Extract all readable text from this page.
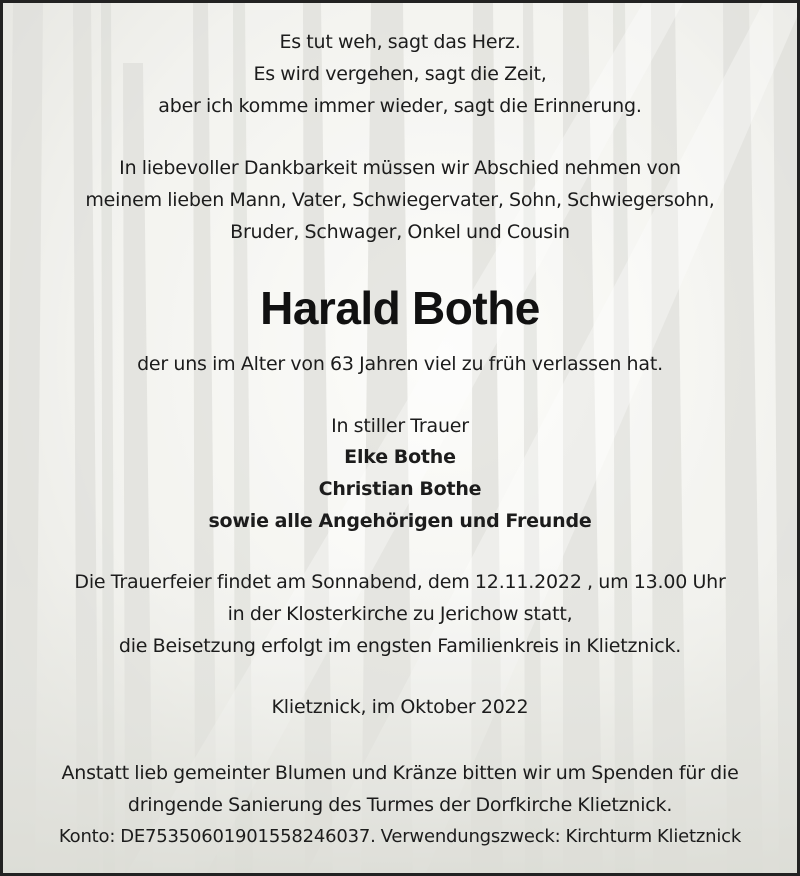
Es tut weh, sagt das Herz.
Es wird vergehen, sagt die Zeit,
aber ich komme immer wieder, sagt die Erinnerung.
In liebevoller Dankbarkeit müssen wir Abschied nehmen von
meinem lieben Mann, Vater, Schwiegervater, Sohn, Schwiegersohn,
Bruder, Schwager, Onkel und Cousin
Harald Bothe
der uns im Alter von 63 Jahren viel zu früh verlassen hat.
In stiller Trauer
Elke Bothe
Christian Bothe
sowie alle Angehörigen und Freunde
Die Trauerfeier findet am Sonnabend, dem 12.11.2022 , um 13.00 Uhr
in der Klosterkirche zu Jerichow statt,
die Beisetzung erfolgt im engsten Familienkreis in Klietznick.
Klietznick, im Oktober 2022
Anstatt lieb gemeinter Blumen und Kränze bitten wir um Spenden für die
dringende Sanierung des Turmes der Dorfkirche Klietznick.
Konto: DE75350601901558246037. Verwendungszweck: Kirchturm Klietznick
